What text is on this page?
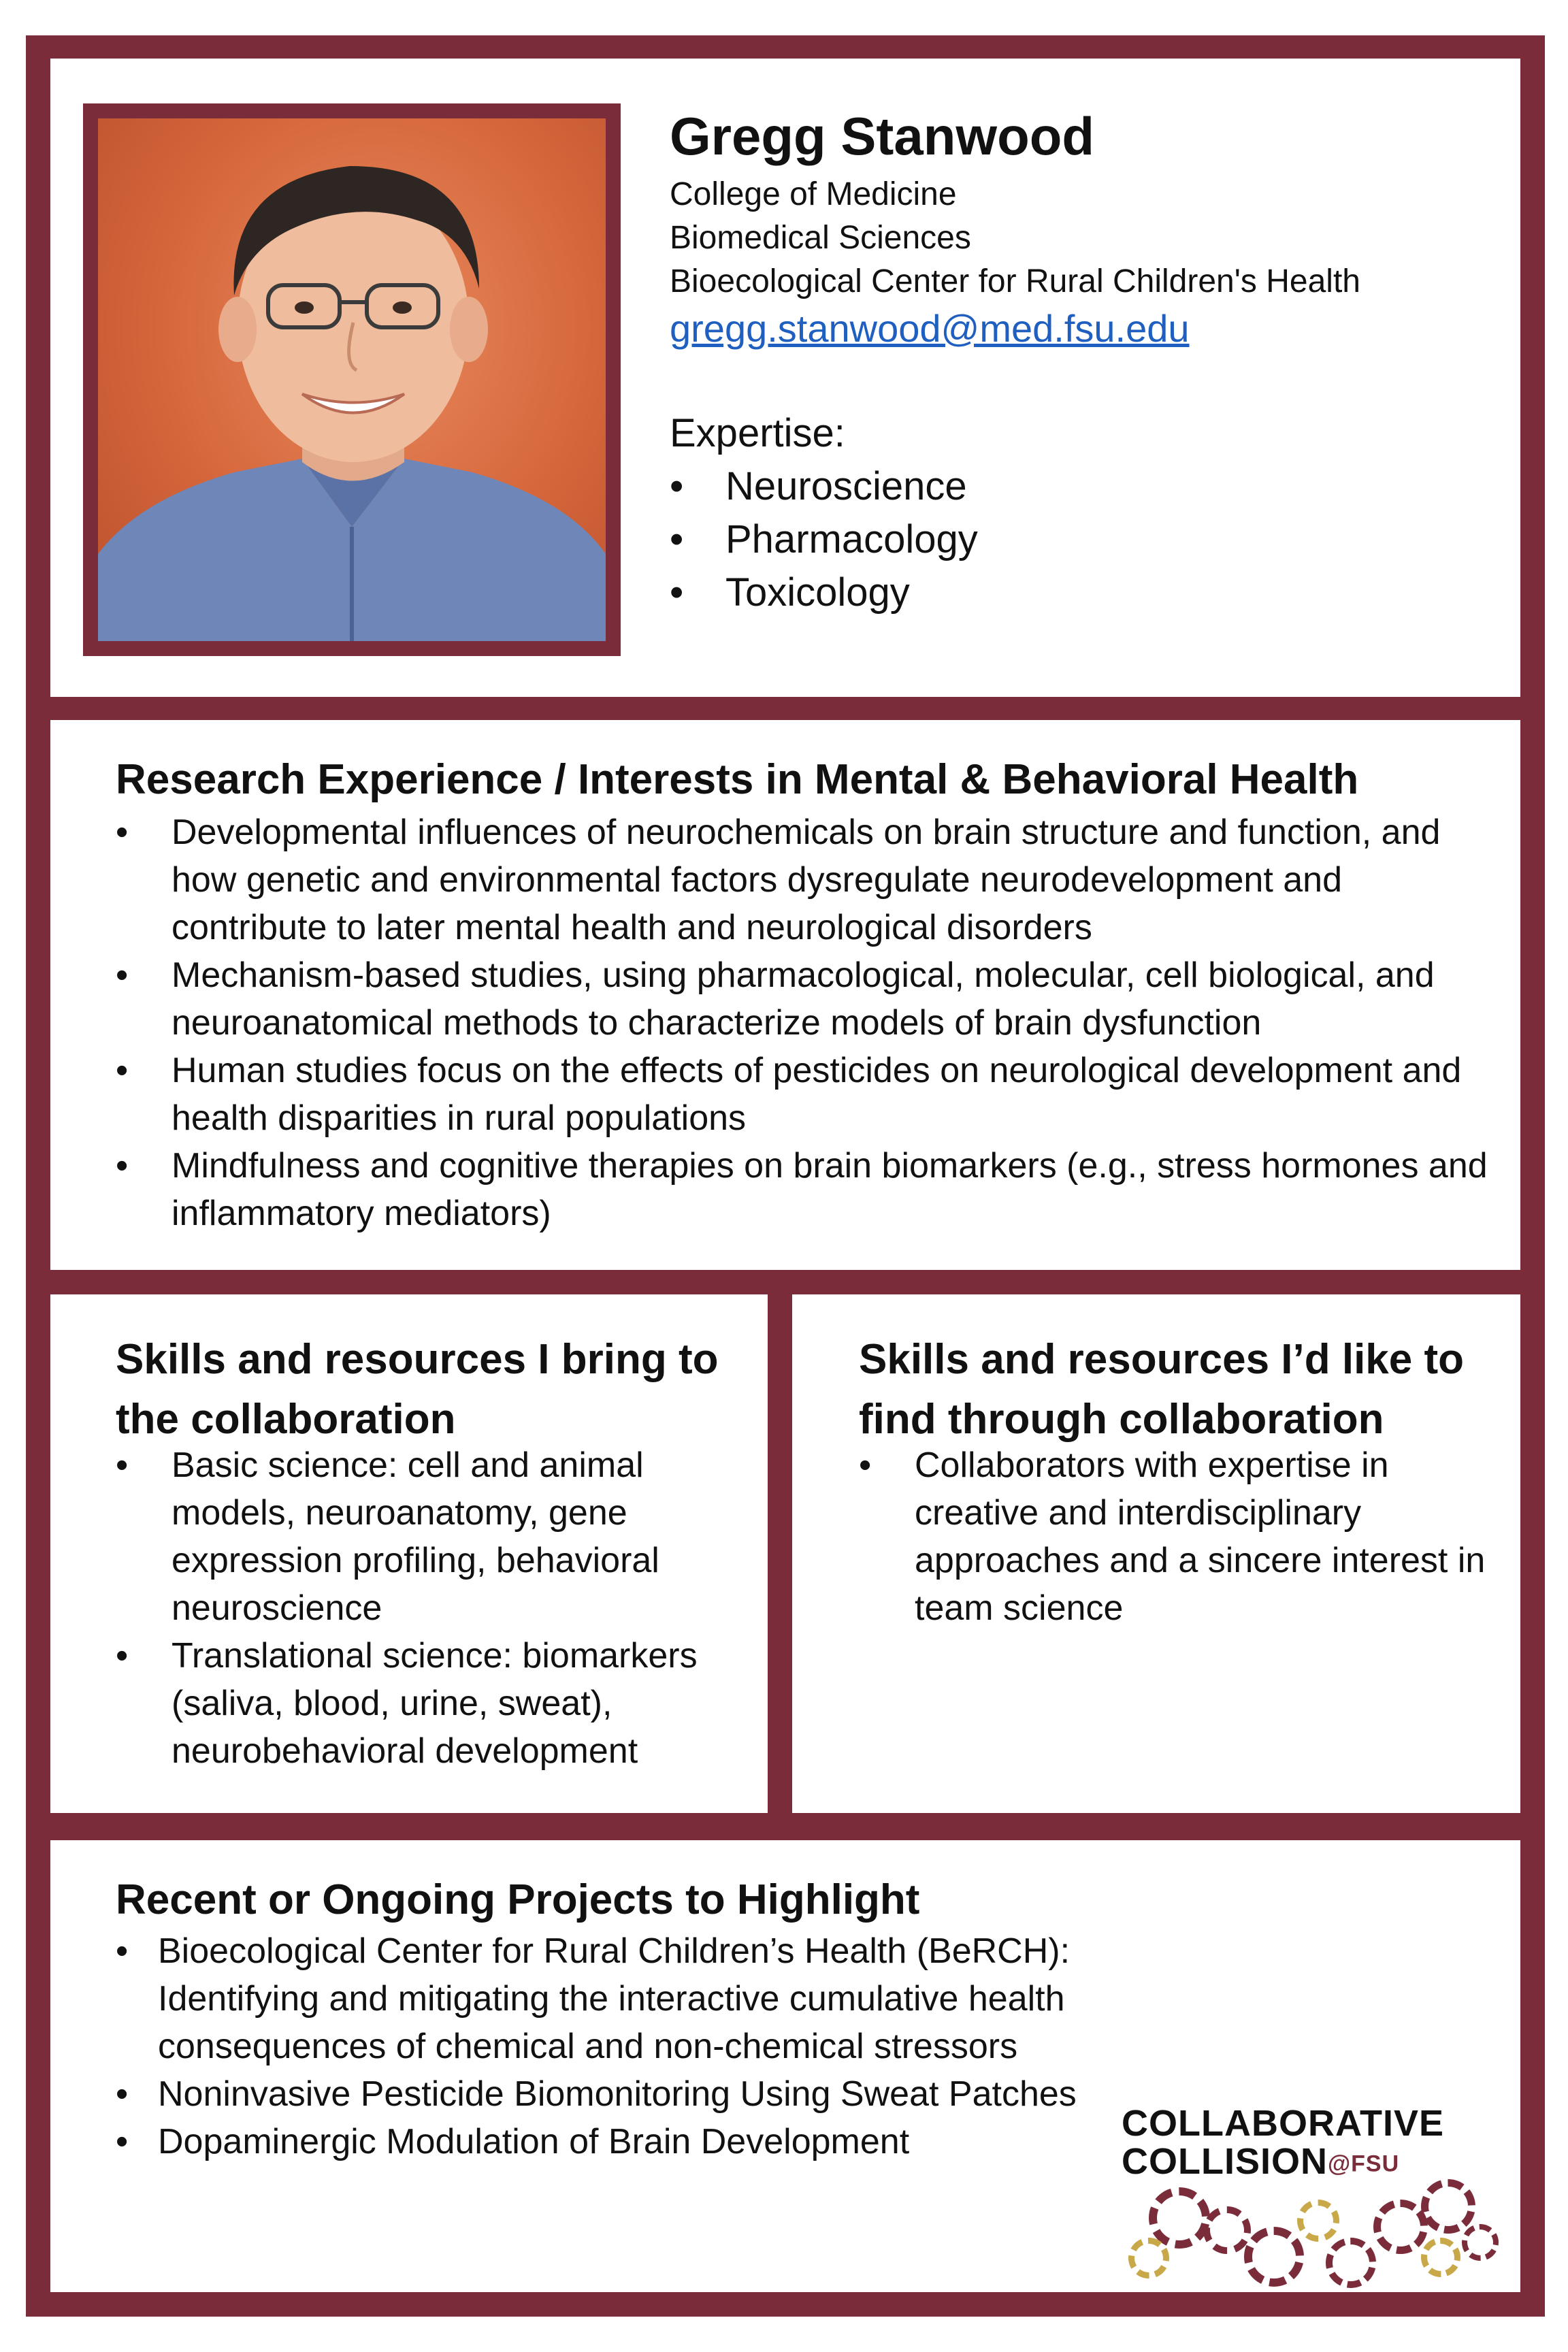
Gregg Stanwood
College of Medicine
Biomedical Sciences
Bioecological Center for Rural Children's Health
gregg.stanwood@med.fsu.edu
Expertise:
• Neuroscience
• Pharmacology
• Toxicology
Research Experience / Interests in Mental & Behavioral Health
• Developmental influences of neurochemicals on brain structure and function, and how genetic and environmental factors dysregulate neurodevelopment and contribute to later mental health and neurological disorders
• Mechanism-based studies, using pharmacological, molecular, cell biological, and neuroanatomical methods to characterize models of brain dysfunction
• Human studies focus on the effects of pesticides on neurological development and health disparities in rural populations
• Mindfulness and cognitive therapies on brain biomarkers (e.g., stress hormones and inflammatory mediators)
Skills and resources I bring to the collaboration
• Basic science: cell and animal models, neuroanatomy, gene expression profiling, behavioral neuroscience
• Translational science: biomarkers (saliva, blood, urine, sweat), neurobehavioral development
Skills and resources I’d like to find through collaboration
• Collaborators with expertise in creative and interdisciplinary approaches and a sincere interest in team science
Recent or Ongoing Projects to Highlight
• Bioecological Center for Rural Children’s Health (BeRCH): Identifying and mitigating the interactive cumulative health consequences of chemical and non-chemical stressors
• Noninvasive Pesticide Biomonitoring Using Sweat Patches
• Dopaminergic Modulation of Brain Development	COLLABORATIVE
COLLISION@FSU
